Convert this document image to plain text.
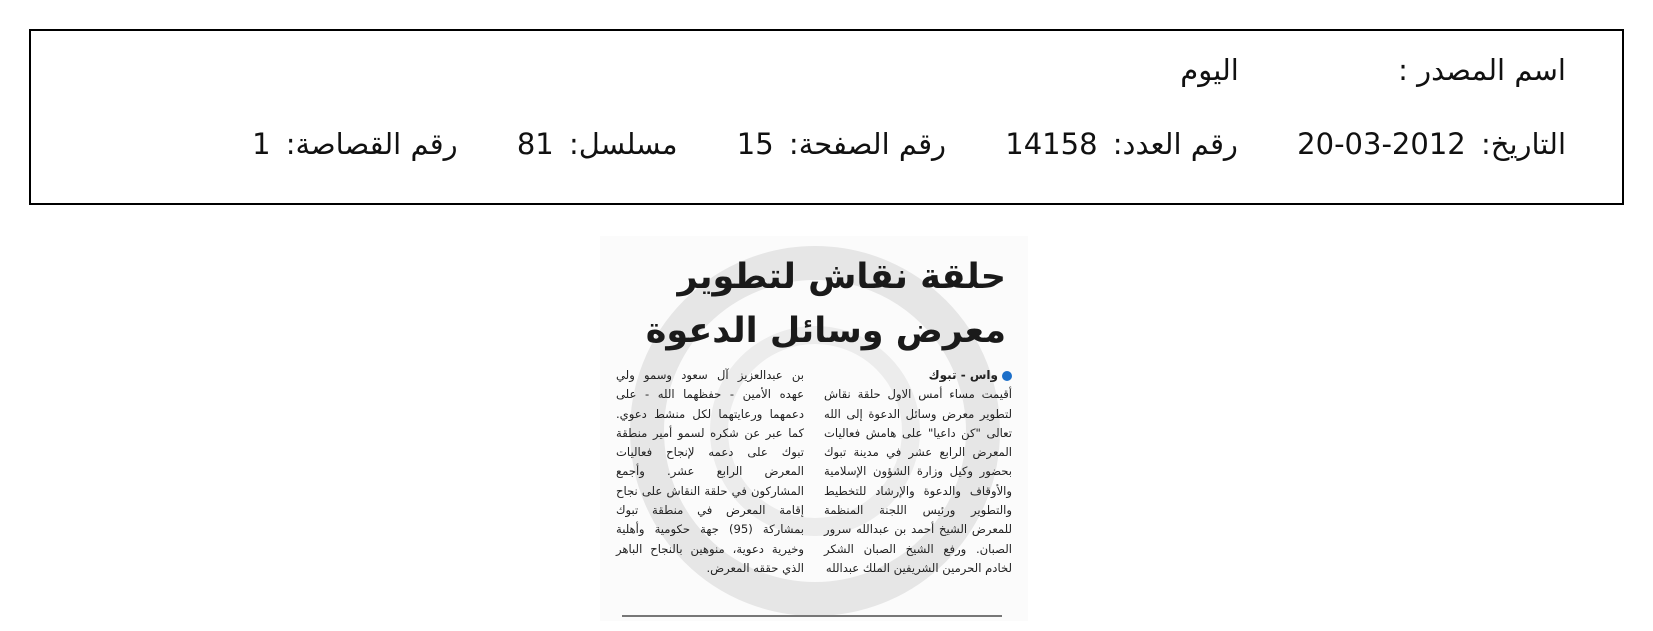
اسم المصدر : اليوم
التاريخ: 2012-03-20 رقم العدد: 14158 رقم الصفحة: 15 مسلسل: 81 رقم القصاصة: 1
حلقة نقاش لتطوير معرض وسائل الدعوة
واس - تبوك
أقيمت مساء أمس الاول حلقة نقاش لتطوير معرض وسائل الدعوة إلى الله تعالى "كن داعيا" على هامش فعاليات المعرض الرابع عشر في مدينة تبوك بحضور وكيل وزارة الشؤون الإسلامية والأوقاف والدعوة والإرشاد للتخطيط والتطوير ورئيس اللجنة المنظمة للمعرض الشيخ أحمد بن عبدالله سرور الصبان. ورفع الشيخ الصبان الشكر لخادم الحرمين الشريفين الملك عبدالله
بن عبدالعزيز آل سعود وسمو ولي عهده الأمين - حفظهما الله - على دعمهما ورعايتهما لكل منشط دعوي. كما عبر عن شكره لسمو أمير منطقة تبوك على دعمه لإنجاح فعاليات المعرض الرابع عشر. وأجمع المشاركون في حلقة النقاش على نجاح إقامة المعرض في منطقة تبوك بمشاركة (95) جهة حكومية وأهلية وخيرية دعوية، منوهين بالنجاح الباهر الذي حققه المعرض.
